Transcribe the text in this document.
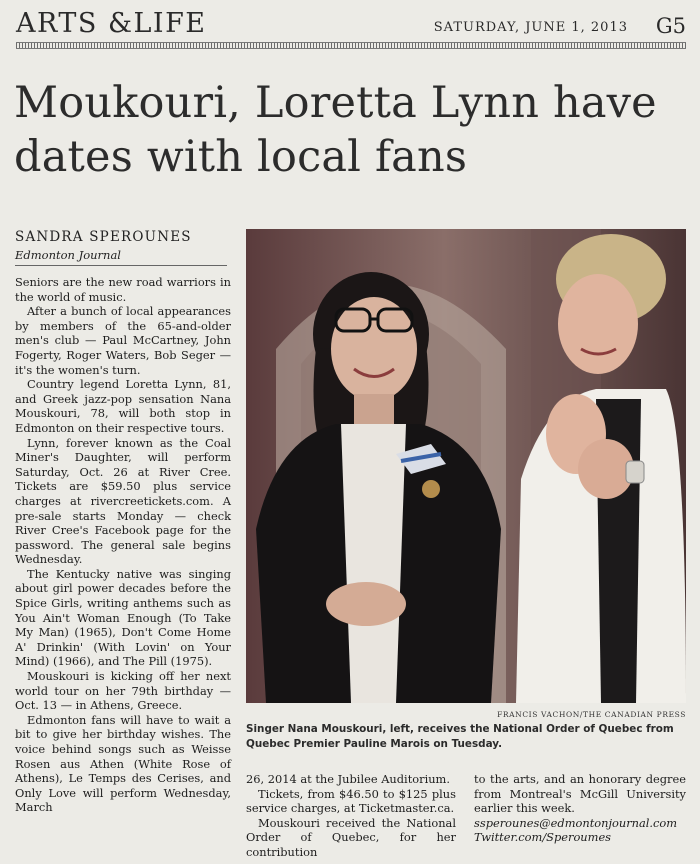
ARTS &LIFE	SATURDAY, JUNE 1, 2013 G5
Moukouri, Loretta Lynn have dates with local fans
SANDRA SPEROUNES
Edmonton Journal

Seniors are the new road warriors in the world of music.

After a bunch of local appearances by members of the 65-and-older men's club — Paul McCartney, John Fogerty, Roger Waters, Bob Seger — it's the women's turn.

Country legend Loretta Lynn, 81, and Greek jazz-pop sensation Nana Mouskouri, 78, will both stop in Edmonton on their respective tours.

Lynn, forever known as the Coal Miner's Daughter, will perform Saturday, Oct. 26 at River Cree. Tickets are $59.50 plus service charges at rivercreetickets.com. A pre-sale starts Monday — check River Cree's Facebook page for the password. The general sale begins Wednesday.

The Kentucky native was singing about girl power decades before the Spice Girls, writing anthems such as You Ain't Woman Enough (To Take My Man) (1965), Don't Come Home A' Drinkin' (With Lovin' on Your Mind) (1966), and The Pill (1975).

Mouskouri is kicking off her next world tour on her 79th birthday — Oct. 13 — in Athens, Greece.

Edmonton fans will have to wait a bit to give her birthday wishes. The voice behind songs such as Weisse Rosen aus Athen (White Rose of Athens), Le Temps des Cerises, and Only Love will perform Wednesday, March

FRANCIS VACHON/THE CANADIAN PRESS
Singer Nana Mouskouri, left, receives the National Order of Quebec from Quebec Premier Pauline Marois on Tuesday.

26, 2014 at the Jubilee Auditorium.

Tickets, from $46.50 to $125 plus service charges, at Ticketmaster.ca.

Mouskouri received the National Order of Quebec, for her contribution

to the arts, and an honorary degree from Montreal's McGill University earlier this week.

ssperounes@edmontonjournal.com

Twitter.com/Speroumes
